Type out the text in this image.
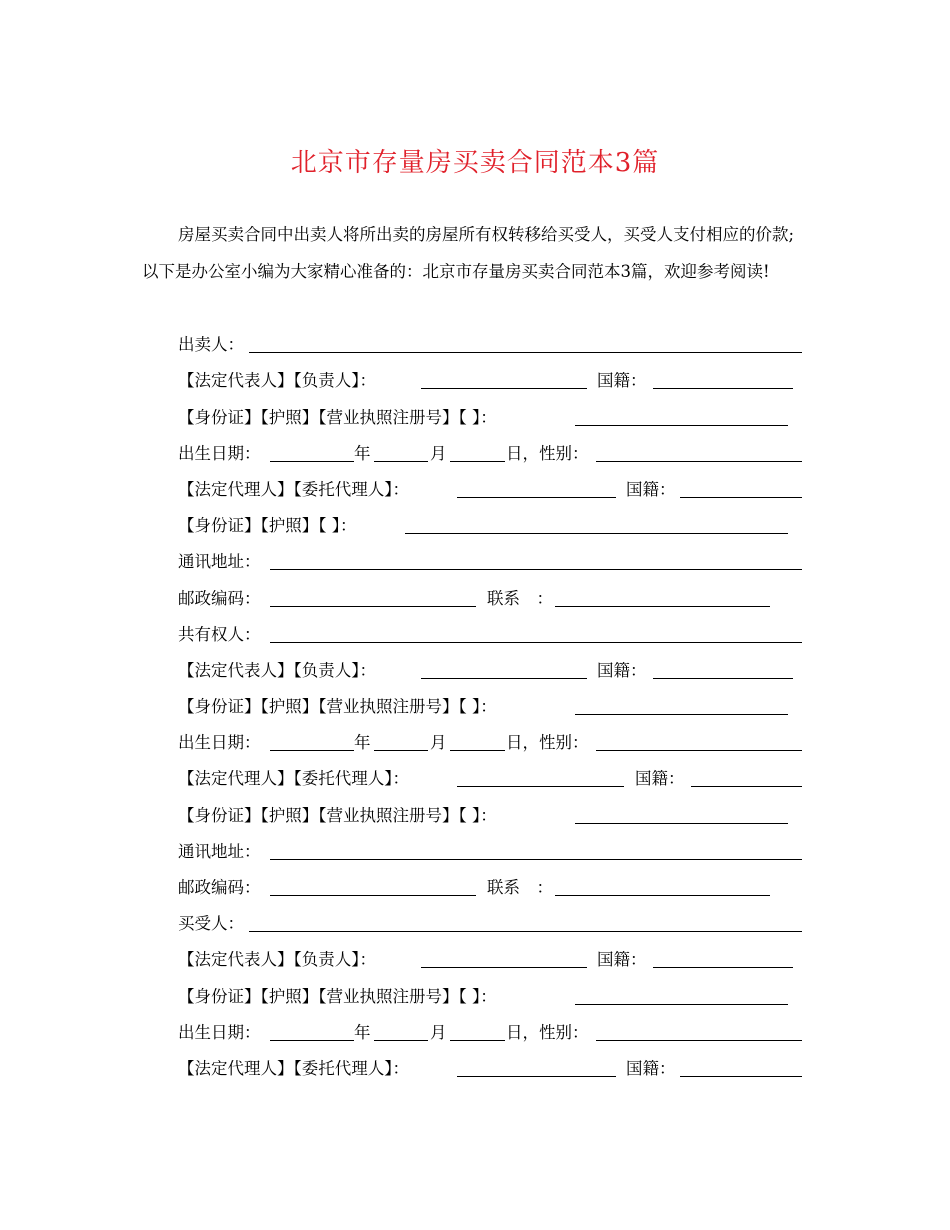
北京市存量房买卖合同范本3篇
房屋买卖合同中出卖人将所出卖的房屋所有权转移给买受人，买受人支付相应的价款;以下是办公室小编为大家精心准备的：北京市存量房买卖合同范本3篇，欢迎参考阅读!
出卖人：
【法定代表人】【负责人】：	国籍：
【身份证】【护照】【营业执照注册号】【 】：
出生日期：	年	月	日，性别：
【法定代理人】【委托代理人】：	国籍：
【身份证】【护照】【 】：
通讯地址：
邮政编码：	联系　：
共有权人：
【法定代表人】【负责人】：	国籍：
【身份证】【护照】【营业执照注册号】【 】：
出生日期：	年	月	日，性别：
【法定代理人】【委托代理人】：	国籍：
【身份证】【护照】【营业执照注册号】【 】：
通讯地址：
邮政编码：	联系　：
买受人：
【法定代表人】【负责人】：	国籍：
【身份证】【护照】【营业执照注册号】【 】：
出生日期：	年	月	日，性别：
【法定代理人】【委托代理人】：	国籍：
